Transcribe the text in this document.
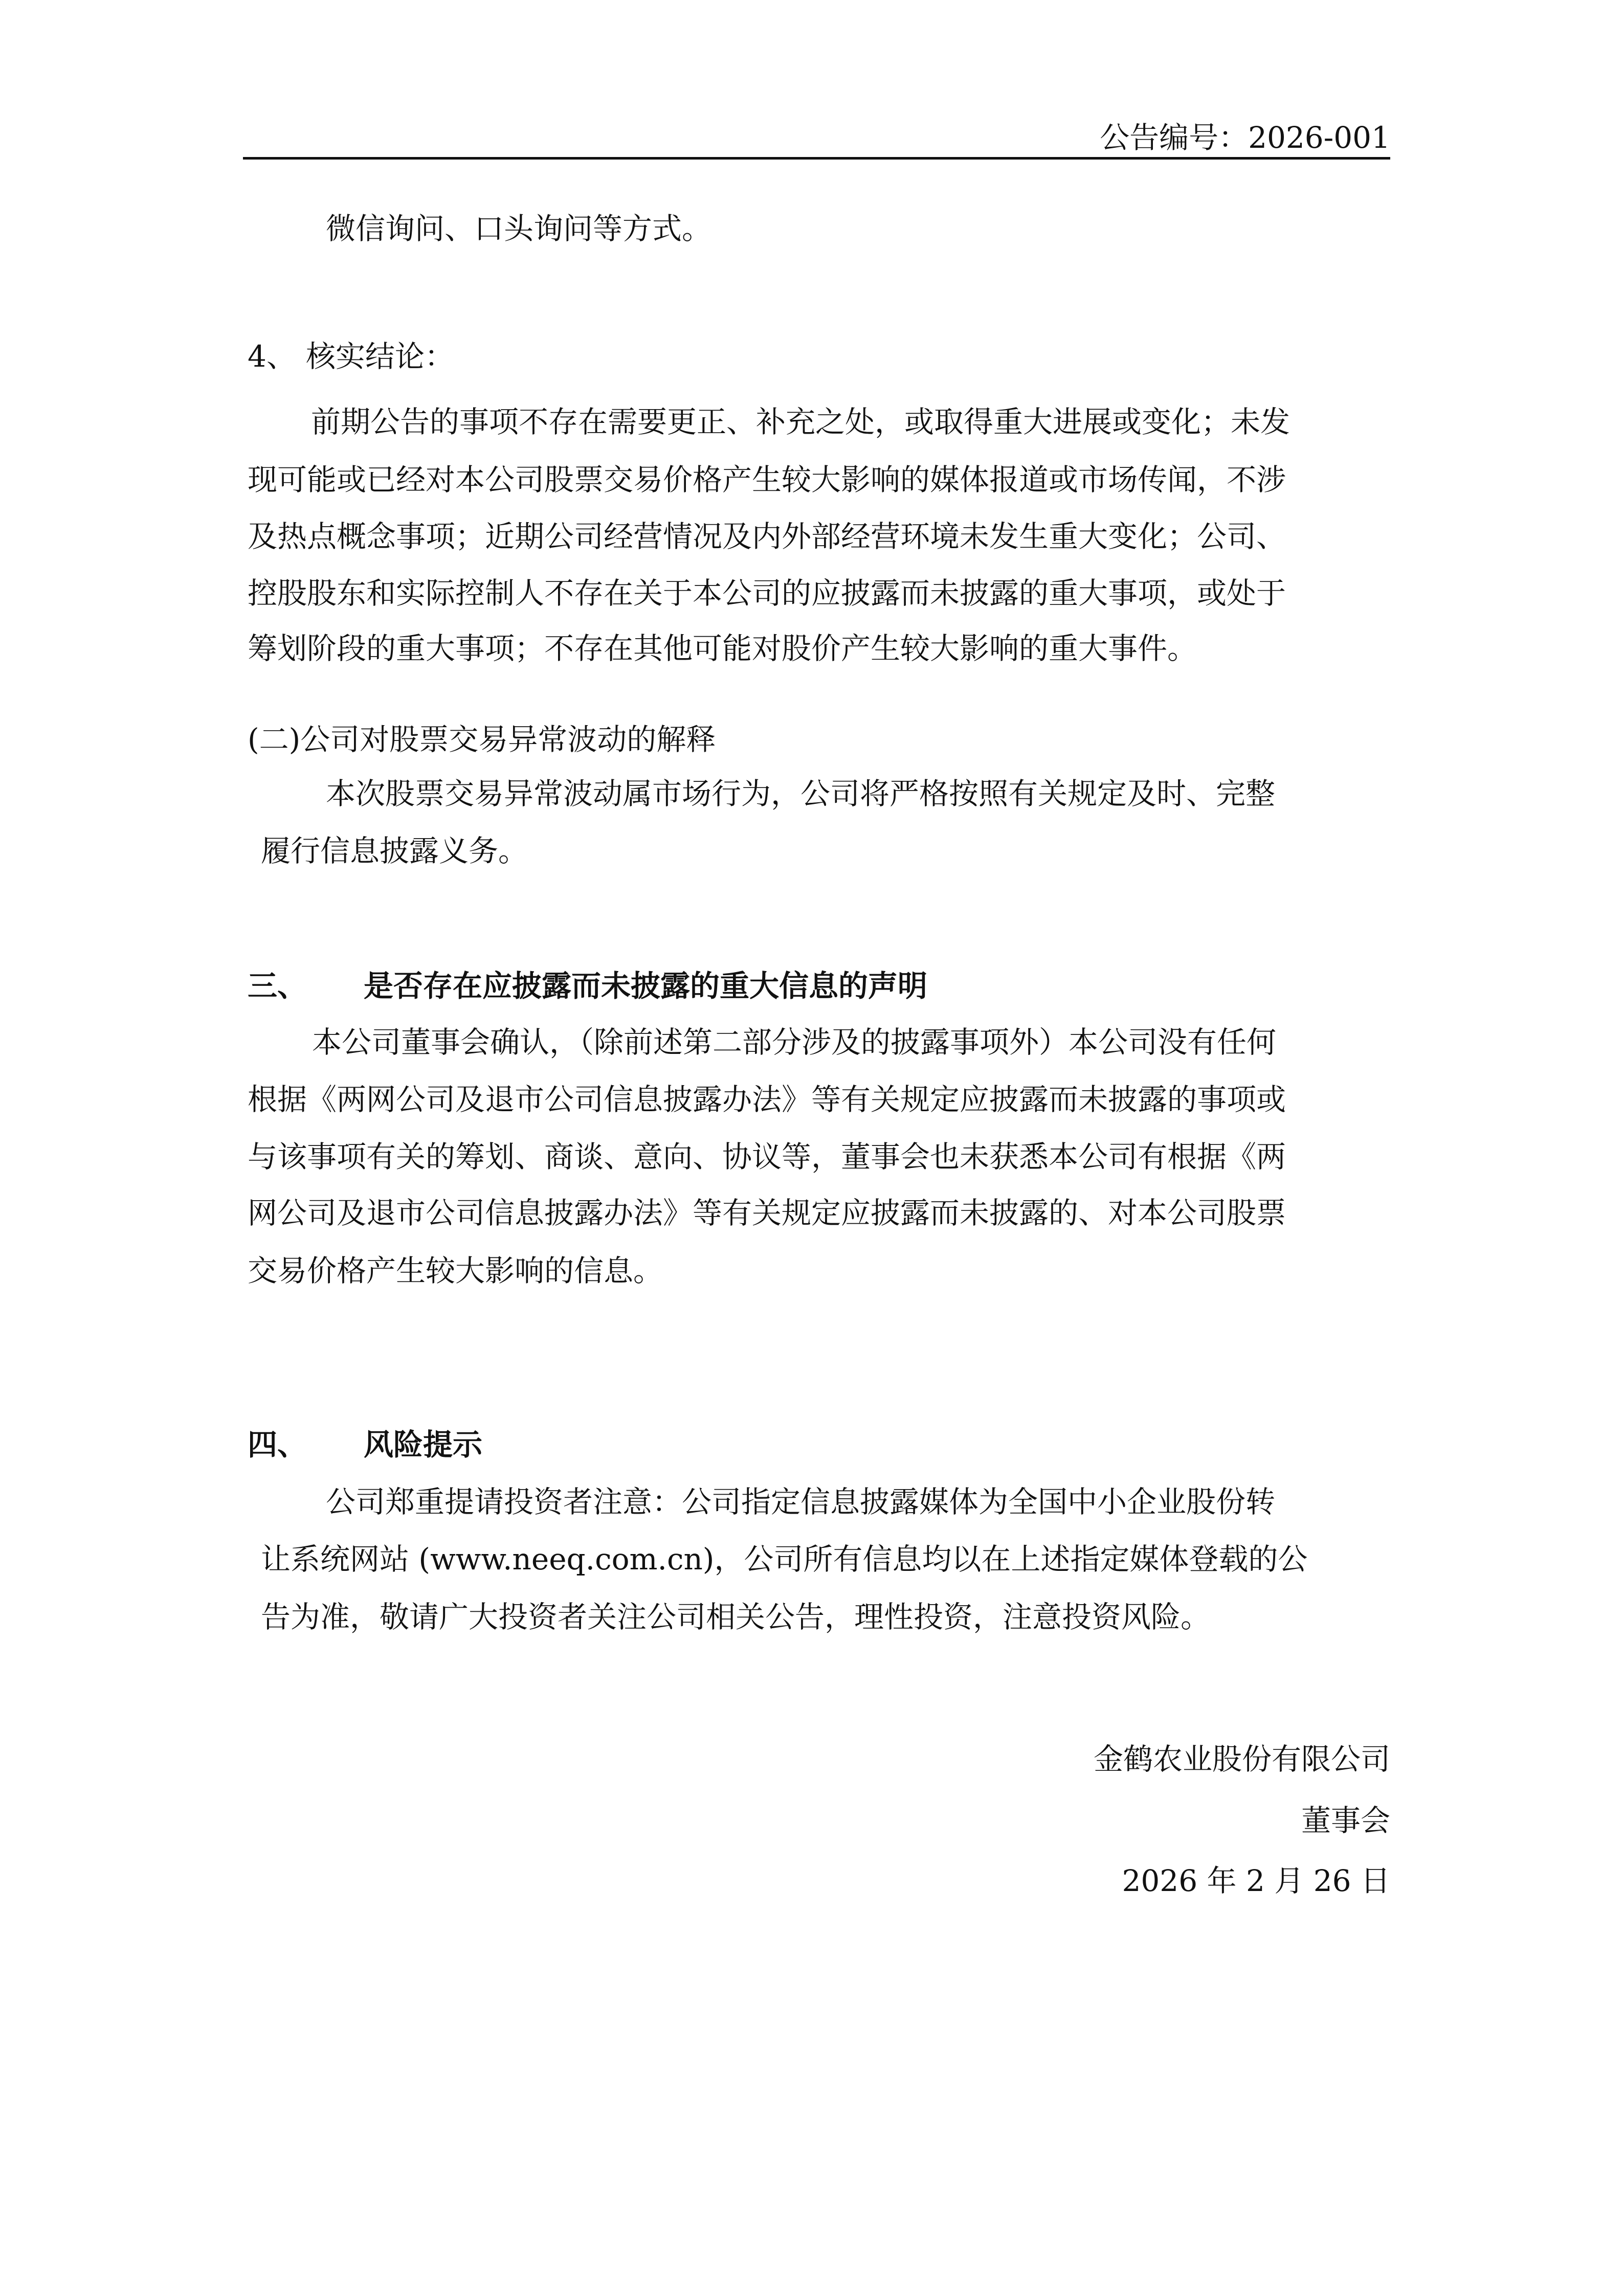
公告编号：2026-001
微信询问、口头询问等方式。
4、 核实结论：
前期公告的事项不存在需要更正、补充之处，或取得重大进展或变化；未发
现可能或已经对本公司股票交易价格产生较大影响的媒体报道或市场传闻，不涉
及热点概念事项；近期公司经营情况及内外部经营环境未发生重大变化；公司、
控股股东和实际控制人不存在关于本公司的应披露而未披露的重大事项，或处于
筹划阶段的重大事项；不存在其他可能对股价产生较大影响的重大事件。
(二)公司对股票交易异常波动的解释
本次股票交易异常波动属市场行为，公司将严格按照有关规定及时、完整
履行信息披露义务。
三、 是否存在应披露而未披露的重大信息的声明
本公司董事会确认，（除前述第二部分涉及的披露事项外）本公司没有任何
根据《两网公司及退市公司信息披露办法》等有关规定应披露而未披露的事项或
与该事项有关的筹划、商谈、意向、协议等，董事会也未获悉本公司有根据《两
网公司及退市公司信息披露办法》等有关规定应披露而未披露的、对本公司股票
交易价格产生较大影响的信息。
四、 风险提示
公司郑重提请投资者注意：公司指定信息披露媒体为全国中小企业股份转
让系统网站 (www.neeq.com.cn)，公司所有信息均以在上述指定媒体登载的公
告为准，敬请广大投资者关注公司相关公告，理性投资，注意投资风险。
金鹤农业股份有限公司
董事会
2026 年 2 月 26 日
